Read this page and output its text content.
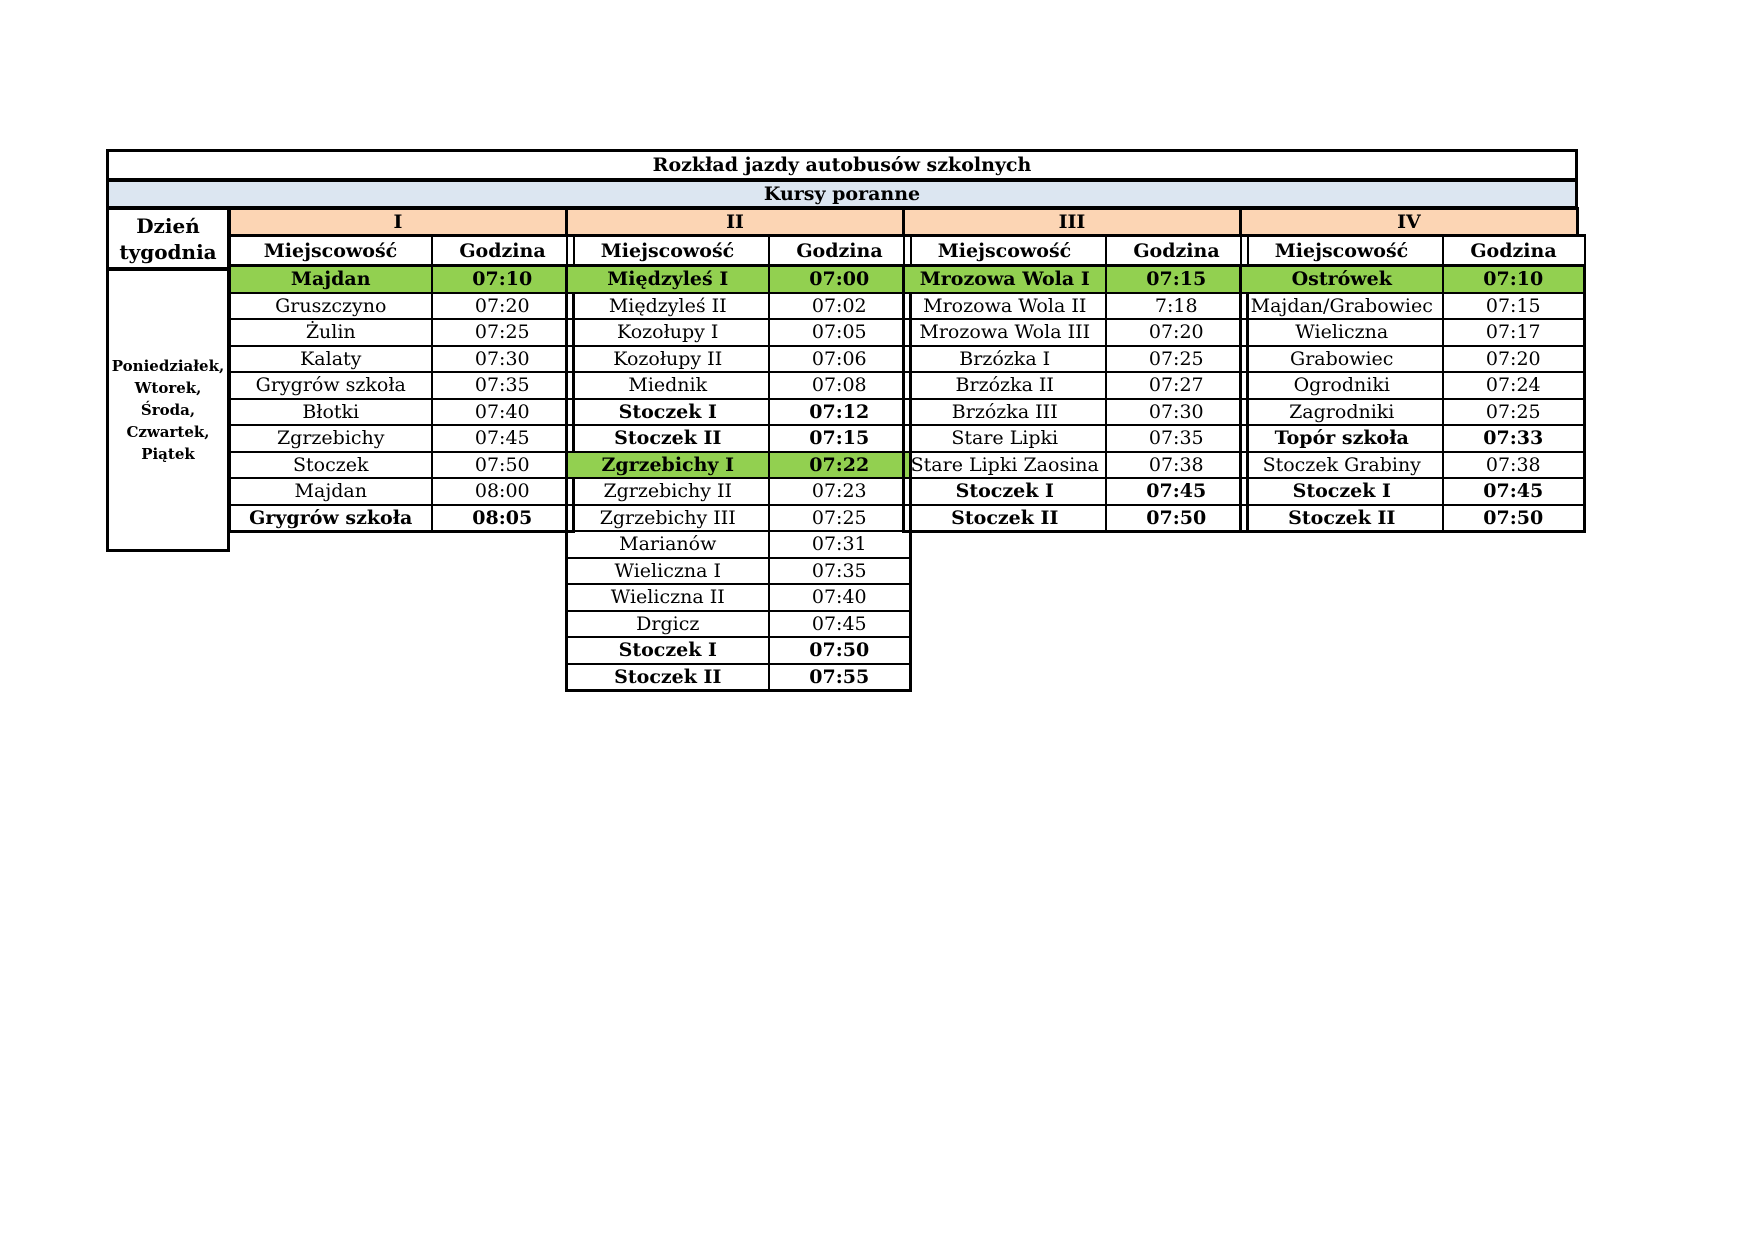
Rozkład jazdy autobusów szkolnych
Kursy poranne
Dzień
tygodnia
Poniedziałek,
Wtorek,
Środa,
Czwartek,
Piątek
I
Miejscowość	Godzina
Majdan	07:10
Gruszczyno	07:20
Żulin	07:25
Kalaty	07:30
Grygrów szkoła	07:35
Błotki	07:40
Zgrzebichy	07:45
Stoczek	07:50
Majdan	08:00
Grygrów szkoła	08:05
II
Miejscowość	Godzina
Międzyleś I	07:00
Międzyleś II	07:02
Kozołupy I	07:05
Kozołupy II	07:06
Miednik	07:08
Stoczek I	07:12
Stoczek II	07:15
Zgrzebichy I	07:22
Zgrzebichy II	07:23
Zgrzebichy III	07:25
Marianów	07:31
Wieliczna I	07:35
Wieliczna II	07:40
Drgicz	07:45
Stoczek I	07:50
Stoczek II	07:55
III
Miejscowość	Godzina
Mrozowa Wola I	07:15
Mrozowa Wola II	7:18
Mrozowa Wola III	07:20
Brzózka I	07:25
Brzózka II	07:27
Brzózka III	07:30
Stare Lipki	07:35
Stare Lipki Zaosina	07:38
Stoczek I	07:45
Stoczek II	07:50
IV
Miejscowość	Godzina
Ostrówek	07:10
Majdan/Grabowiec	07:15
Wieliczna	07:17
Grabowiec	07:20
Ogrodniki	07:24
Zagrodniki	07:25
Topór szkoła	07:33
Stoczek Grabiny	07:38
Stoczek I	07:45
Stoczek II	07:50
